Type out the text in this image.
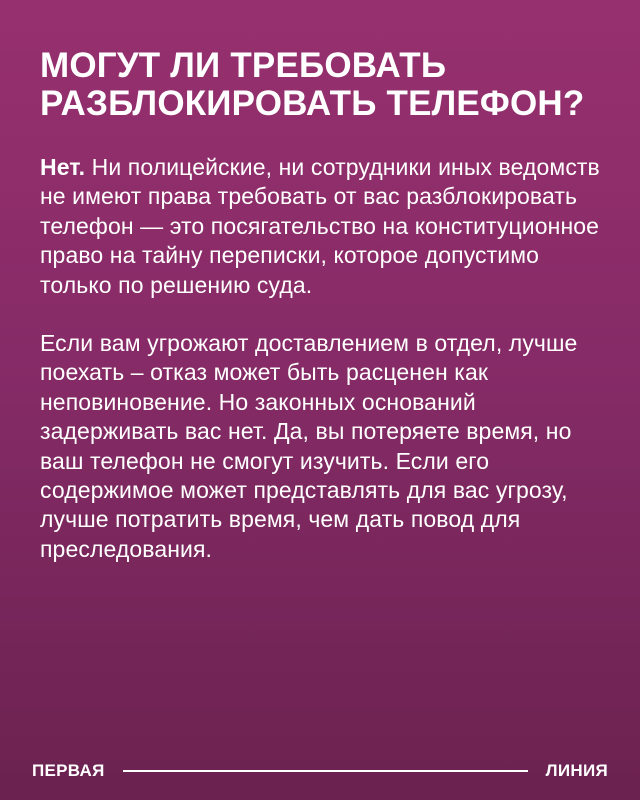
МОГУТ ЛИ ТРЕБОВАТЬ
РАЗБЛОКИРОВАТЬ ТЕЛЕФОН?

Нет. Ни полицейские, ни сотрудники иных ведомств не имеют права требовать от вас разблокировать телефон — это посягательство на конституционное право на тайну переписки, которое допустимо только по решению суда.

Если вам угрожают доставлением в отдел, лучше поехать – отказ может быть расценен как неповиновение. Но законных оснований задерживать вас нет. Да, вы потеряете время, но ваш телефон не смогут изучить. Если его содержимое может представлять для вас угрозу, лучше потратить время, чем дать повод для преследования.

ПЕРВАЯ	ЛИНИЯ
